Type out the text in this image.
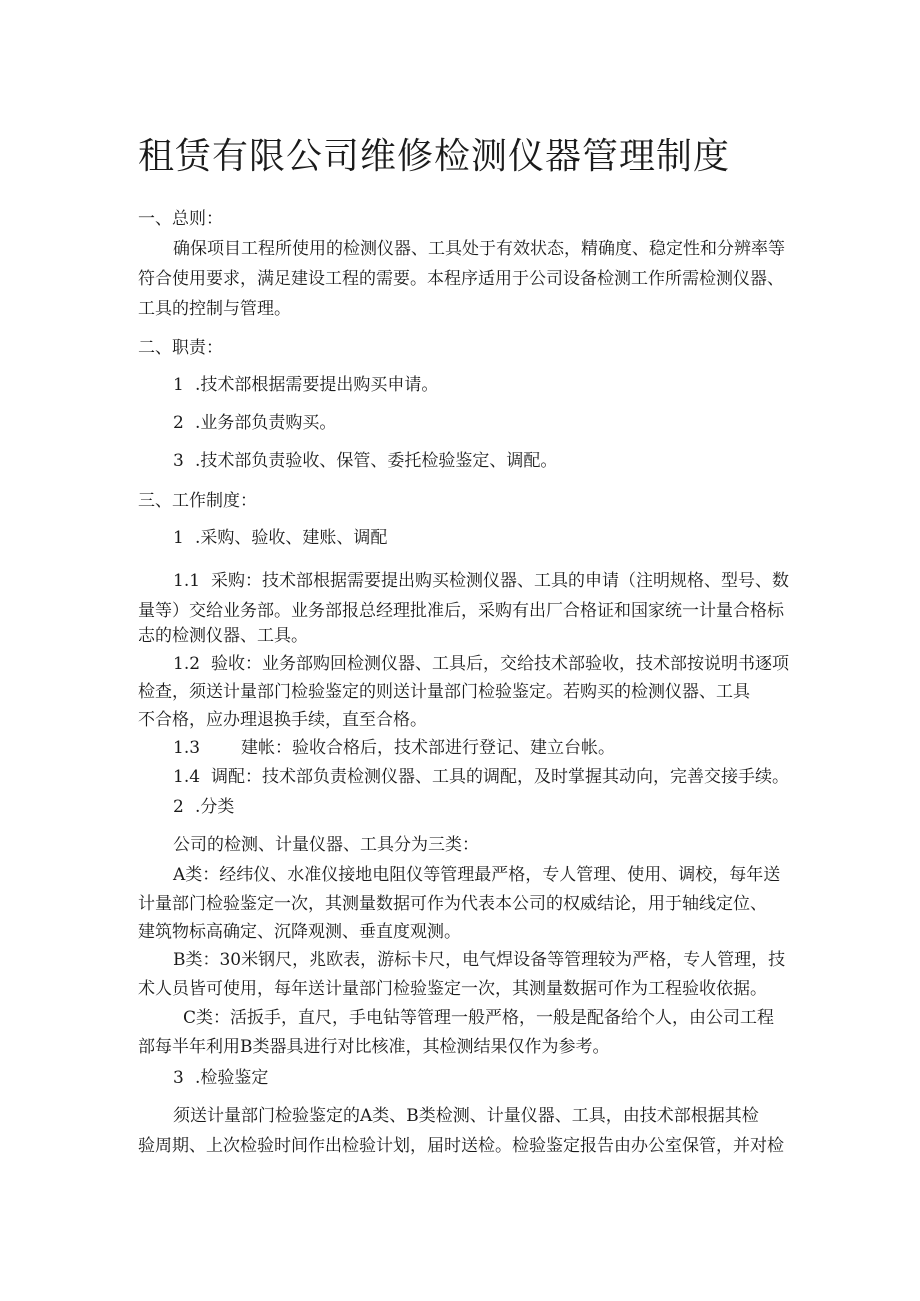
租赁有限公司维修检测仪器管理制度

一、总则：

确保项目工程所使用的检测仪器、工具处于有效状态，精确度、稳定性和分辨率等

符合使用要求，满足建设工程的需要。本程序适用于公司设备检测工作所需检测仪器、

工具的控制与管理。

二、职责：

1 .技术部根据需要提出购买申请。

2 .业务部负责购买。

3 .技术部负责验收、保管、委托检验鉴定、调配。

三、工作制度：

1 .采购、验收、建账、调配

1.1 采购：技术部根据需要提出购买检测仪器、工具的申请（注明规格、型号、数

量等）交给业务部。业务部报总经理批准后，采购有出厂合格证和国家统一计量合格标

志的检测仪器、工具。

1.2 验收：业务部购回检测仪器、工具后，交给技术部验收，技术部按说明书逐项

检查，须送计量部门检验鉴定的则送计量部门检验鉴定。若购买的检测仪器、工具

不合格，应办理退换手续，直至合格。

1.3 建帐：验收合格后，技术部进行登记、建立台帐。

1.4 调配：技术部负责检测仪器、工具的调配，及时掌握其动向，完善交接手续。

2 .分类

公司的检测、计量仪器、工具分为三类：

A类：经纬仪、水准仪接地电阻仪等管理最严格，专人管理、使用、调校，每年送

计量部门检验鉴定一次，其测量数据可作为代表本公司的权威结论，用于轴线定位、

建筑物标高确定、沉降观测、垂直度观测。

B类：30米钢尺，兆欧表，游标卡尺，电气焊设备等管理较为严格，专人管理，技

术人员皆可使用，每年送计量部门检验鉴定一次，其测量数据可作为工程验收依据。

C类：活扳手，直尺，手电钻等管理一般严格，一般是配备给个人，由公司工程

部每半年利用B类器具进行对比核准，其检测结果仅作为参考。

3 .检验鉴定

须送计量部门检验鉴定的A类、B类检测、计量仪器、工具，由技术部根据其检

验周期、上次检验时间作出检验计划，届时送检。检验鉴定报告由办公室保管，并对检
